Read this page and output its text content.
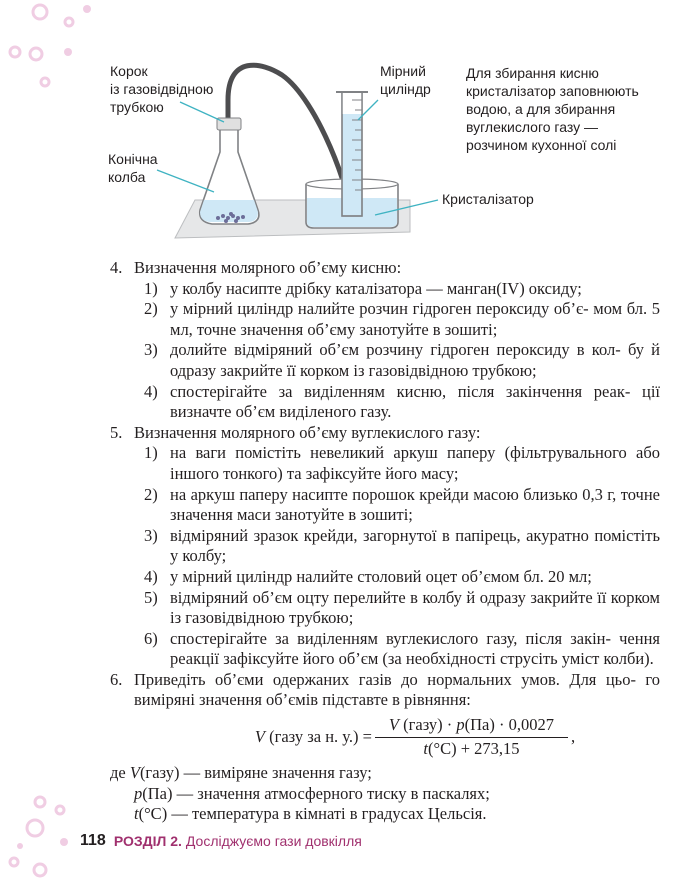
Корок
із газовідвідною
трубкою
Конічна
колба
Мірний
циліндр
Для збирання кисню
кристалізатор заповнюють
водою, а для збирання
вуглекислого газу —
розчином кухонної солі
Кристалізатор
4. Визначення молярного об’єму кисню:
1) у колбу насипте дрібку каталізатора — манган(IV) оксиду;
2) у мірний циліндр налийте розчин гідроген пероксиду об’є- мом бл. 5 мл, точне значення об’єму занотуйте в зошиті;
3) долийте відміряний об’єм розчину гідроген пероксиду в кол- бу й одразу закрийте її корком із газовідвідною трубкою;
4) спостерігайте за виділенням кисню, після закінчення реак- ції визначте об’єм виділеного газу.
5. Визначення молярного об’єму вуглекислого газу:
1) на ваги помістіть невеликий аркуш паперу (фільтрувального або іншого тонкого) та зафіксуйте його масу;
2) на аркуш паперу насипте порошок крейди масою близько 0,3 г, точне значення маси занотуйте в зошиті;
3) відміряний зразок крейди, загорнутої в папірець, акуратно помістіть у колбу;
4) у мірний циліндр налийте столовий оцет об’ємом бл. 20 мл;
5) відміряний об’єм оцту перелийте в колбу й одразу закрийте її корком із газовідвідною трубкою;
6) спостерігайте за виділенням вуглекислого газу, після закін- чення реакції зафіксуйте його об’єм (за необхідності струсіть уміст колби).
6. Приведіть об’єми одержаних газів до нормальних умов. Для цьо- го виміряні значення об’ємів підставте в рівняння:
V (газу за н. $у.) = \frac{\text{V (газу) · p(Па) · 0,0027}}{t(^\circ C) + 273,15}$ ,
де V(газу) — виміряне значення газу;
p(Па) — значення атмосферного тиску в паскалях;
t(°C) — температура в кімнаті в градусах Цельсія.
118 РОЗДІЛ 2. Досліджуємо гази довкілля
